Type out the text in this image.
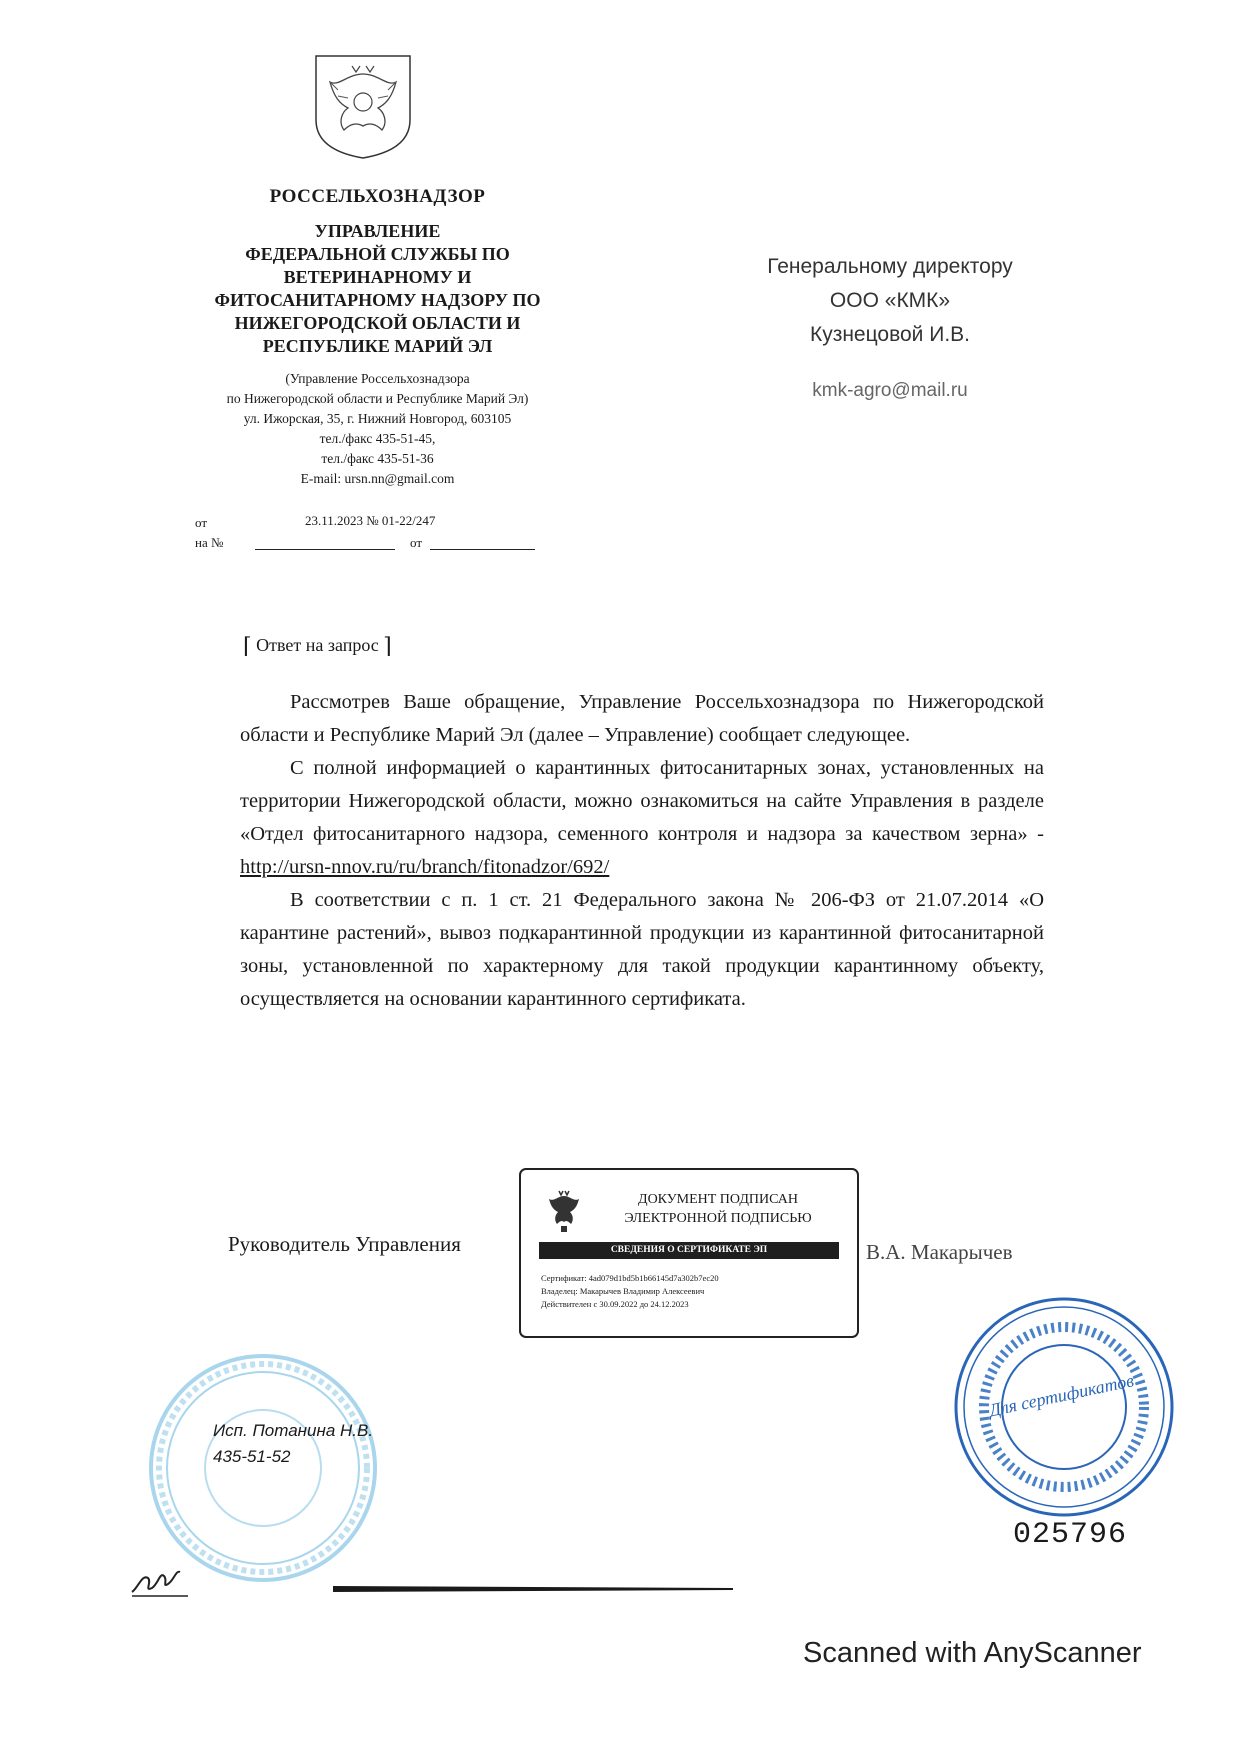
РОССЕЛЬХОЗНАДЗОР
УПРАВЛЕНИЕ
ФЕДЕРАЛЬНОЙ СЛУЖБЫ ПО
ВЕТЕРИНАРНОМУ И
ФИТОСАНИТАРНОМУ НАДЗОРУ ПО
НИЖЕГОРОДСКОЙ ОБЛАСТИ И
РЕСПУБЛИКЕ МАРИЙ ЭЛ
(Управление Россельхознадзора
по Нижегородской области и Республике Марий Эл)
ул. Ижорская, 35, г. Нижний Новгород, 603105
тел./факс 435-51-45,
тел./факс 435-51-36
E-mail: ursn.nn@gmail.com
от	23.11.2023 № 01-22/247
на №	от
Генеральному директору
ООО «КМК»
Кузнецовой И.В.
kmk-agro@mail.ru
⌈ Ответ на запрос ⌉

Рассмотрев Ваше обращение, Управление Россельхознадзора по Нижегородской области и Республике Марий Эл (далее – Управление) сообщает следующее.

С полной информацией о карантинных фитосанитарных зонах, установленных на территории Нижегородской области, можно ознакомиться на сайте Управления в разделе «Отдел фитосанитарного надзора, семенного контроля и надзора за качеством зерна» - http://ursn-nnov.ru/ru/branch/fitonadzor/692/

В соответствии с п. 1 ст. 21 Федерального закона № 206-ФЗ от 21.07.2014 «О карантине растений», вывоз подкарантинной продукции из карантинной фитосанитарной зоны, установленной по характерному для такой продукции карантинному объекту, осуществляется на основании карантинного сертификата.

Руководитель Управления
ДОКУМЕНТ ПОДПИСАН
ЭЛЕКТРОННОЙ ПОДПИСЬЮ
СВЕДЕНИЯ О СЕРТИФИКАТЕ ЭП
Сертификат: 4ad079d1bd5b1b66145d7a302b7ec20
Владелец: Макарычев Владимир Алексеевич
Действителен с 30.09.2022 до 24.12.2023
В.А. Макарычев
Для сертификатов
Исп. Потанина Н.В.
435-51-52
025796
Scanned with AnyScanner
